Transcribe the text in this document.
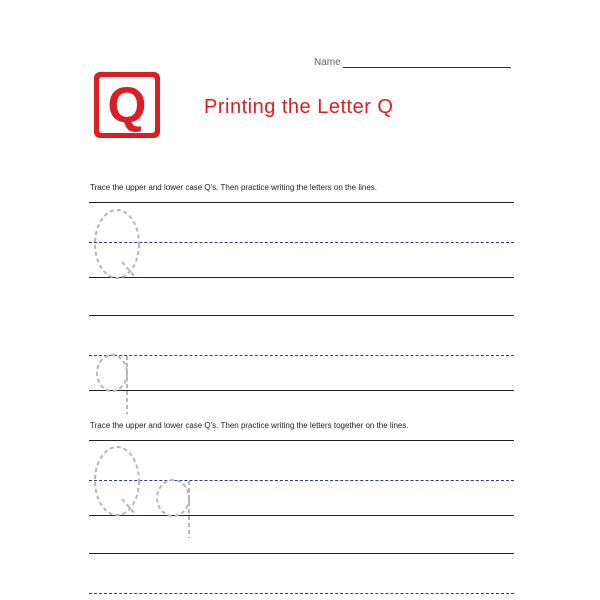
Name
Q	Printing the Letter Q
Trace the upper and lower case Q's. Then practice writing the letters on the lines.
Trace the upper and lower case Q's. Then practice writing the letters together on the lines.
